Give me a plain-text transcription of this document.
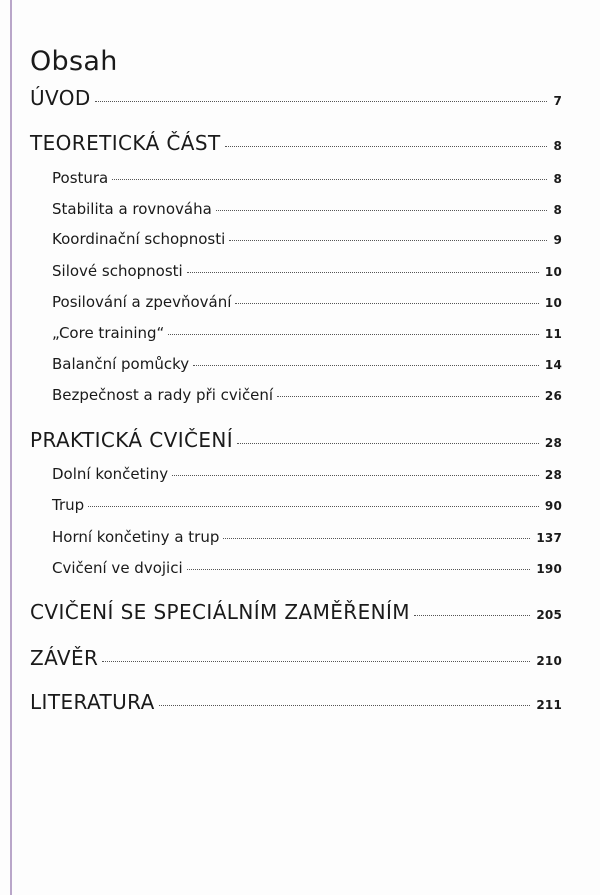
Obsah
ÚVOD	7
TEORETICKÁ ČÁST	8
Postura	8
Stabilita a rovnováha	8
Koordinační schopnosti	9
Silové schopnosti	10
Posilování a zpevňování	10
„Core training“	11
Balanční pomůcky	14
Bezpečnost a rady při cvičení	26
PRAKTICKÁ CVIČENÍ	28
Dolní končetiny	28
Trup	90
Horní končetiny a trup	137
Cvičení ve dvojici	190
CVIČENÍ SE SPECIÁLNÍM ZAMĚŘENÍM	205
ZÁVĚR	210
LITERATURA	211
